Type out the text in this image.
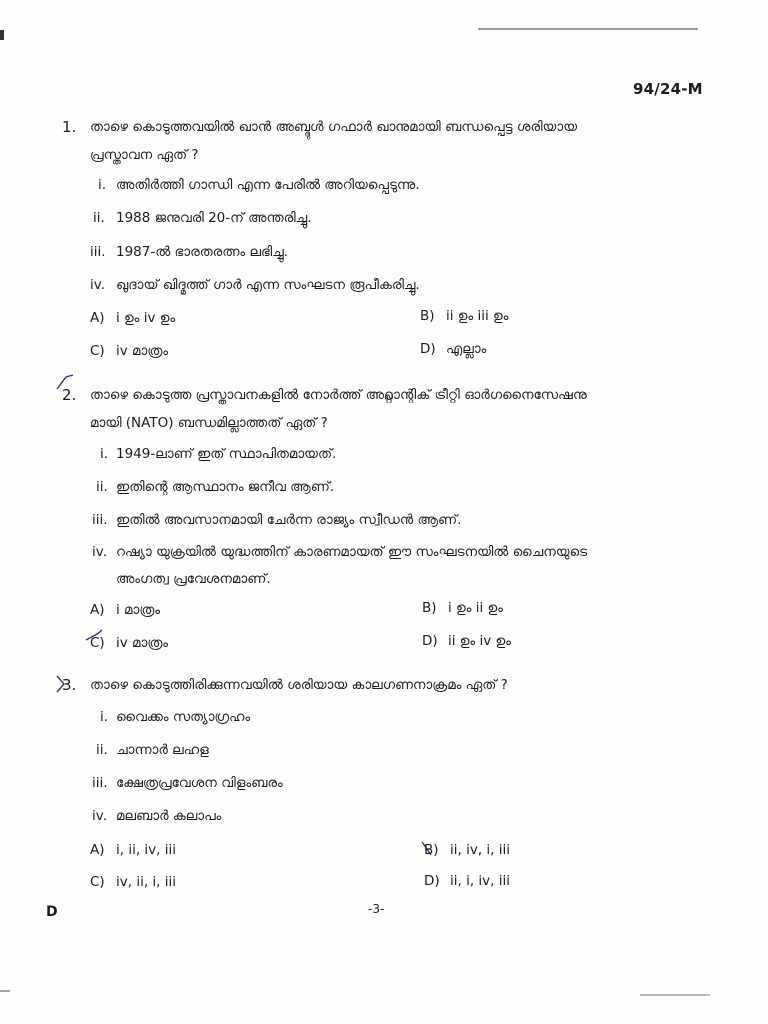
94/24-M
1. താഴെ കൊടുത്തവയിൽ ഖാൻ അബ്ദുൾ ഗഫാർ ഖാനുമായി ബന്ധപ്പെട്ട ശരിയായ
പ്രസ്താവന ഏത് ?
i. അതിർത്തി ഗാന്ധി എന്ന പേരിൽ അറിയപ്പെടുന്നു.
ii. 1988 ജനുവരി 20-ന് അന്തരിച്ചു.
iii. 1987-ൽ ഭാരതരത്നം ലഭിച്ചു.
iv. ഖുദായ് ഖിദ്മത്ത് ഗാർ എന്ന സംഘടന രൂപീകരിച്ചു.
A) i ഉം iv ഉം	B) ii ഉം iii ഉം
C) iv മാത്രം	D) എല്ലാം
2. താഴെ കൊടുത്ത പ്രസ്താവനകളിൽ നോർത്ത് അറ്റ്ലാന്റിക് ട്രീറ്റി ഓർഗനൈസേഷനു
മായി (NATO) ബന്ധമില്ലാത്തത് ഏത് ?
i. 1949-ലാണ് ഇത് സ്ഥാപിതമായത്.
ii. ഇതിന്റെ ആസ്ഥാനം ജനീവ ആണ്.
iii. ഇതിൽ അവസാനമായി ചേർന്ന രാജ്യം സ്വീഡൻ ആണ്.
iv. റഷ്യാ യുക്രയിൽ യുദ്ധത്തിന് കാരണമായത് ഈ സംഘടനയിൽ ചൈനയുടെ
അംഗത്വ പ്രവേശനമാണ്.
A) i മാത്രം	B) i ഉം ii ഉം
C) iv മാത്രം	D) ii ഉം iv ഉം
3. താഴെ കൊടുത്തിരിക്കുന്നവയിൽ ശരിയായ കാലഗണനാക്രമം ഏത് ?
i. വൈക്കം സത്യാഗ്രഹം
ii. ചാന്നാർ ലഹള
iii. ക്ഷേത്രപ്രവേശന വിളംബരം
iv. മലബാർ കലാപം
A) i, ii, iv, iii	B) ii, iv, i, iii
C) iv, ii, i, iii	D) ii, i, iv, iii
D	-3-
